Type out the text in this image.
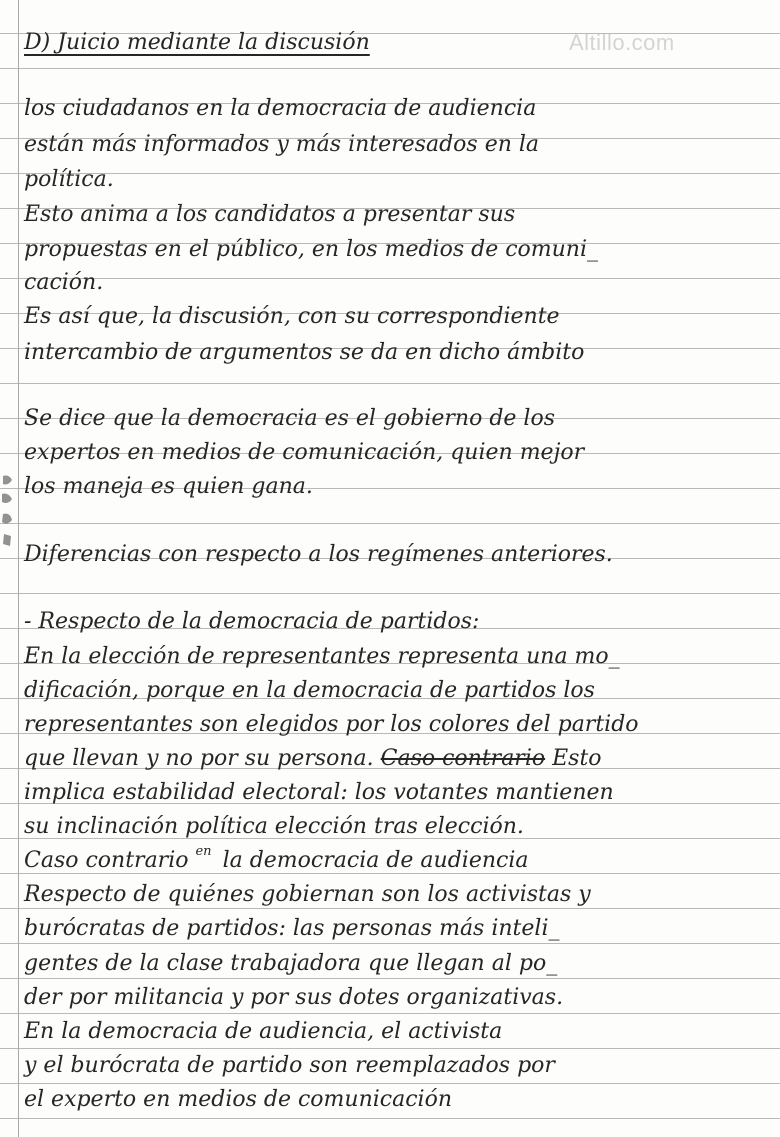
Altillo.com
D) Juicio mediante la discusión
los ciudadanos en la democracia de audiencia
están más informados y más interesados en la
política.
Esto anima a los candidatos a presentar sus
propuestas en el público, en los medios de comuni_
cación.
Es así que, la discusión, con su correspondiente
intercambio de argumentos se da en dicho ámbito
Se dice que la democracia es el gobierno de los
expertos en medios de comunicación, quien mejor
los maneja es quien gana.
Diferencias con respecto a los regímenes anteriores.
- Respecto de la democracia de partidos:
En la elección de representantes representa una mo_
dificación, porque en la democracia de partidos los
representantes son elegidos por los colores del partido
que llevan y no por su persona. Caso contrario Esto
implica estabilidad electoral: los votantes mantienen
su inclinación política elección tras elección.
Caso contrario $^{en}$ la democracia de audiencia
Respecto de quiénes gobiernan son los activistas y
burócratas de partidos: las personas más inteli_
gentes de la clase trabajadora que llegan al po_
der por militancia y por sus dotes organizativas.
En la democracia de audiencia, el activista
y el burócrata de partido son reemplazados por
el experto en medios de comunicación
